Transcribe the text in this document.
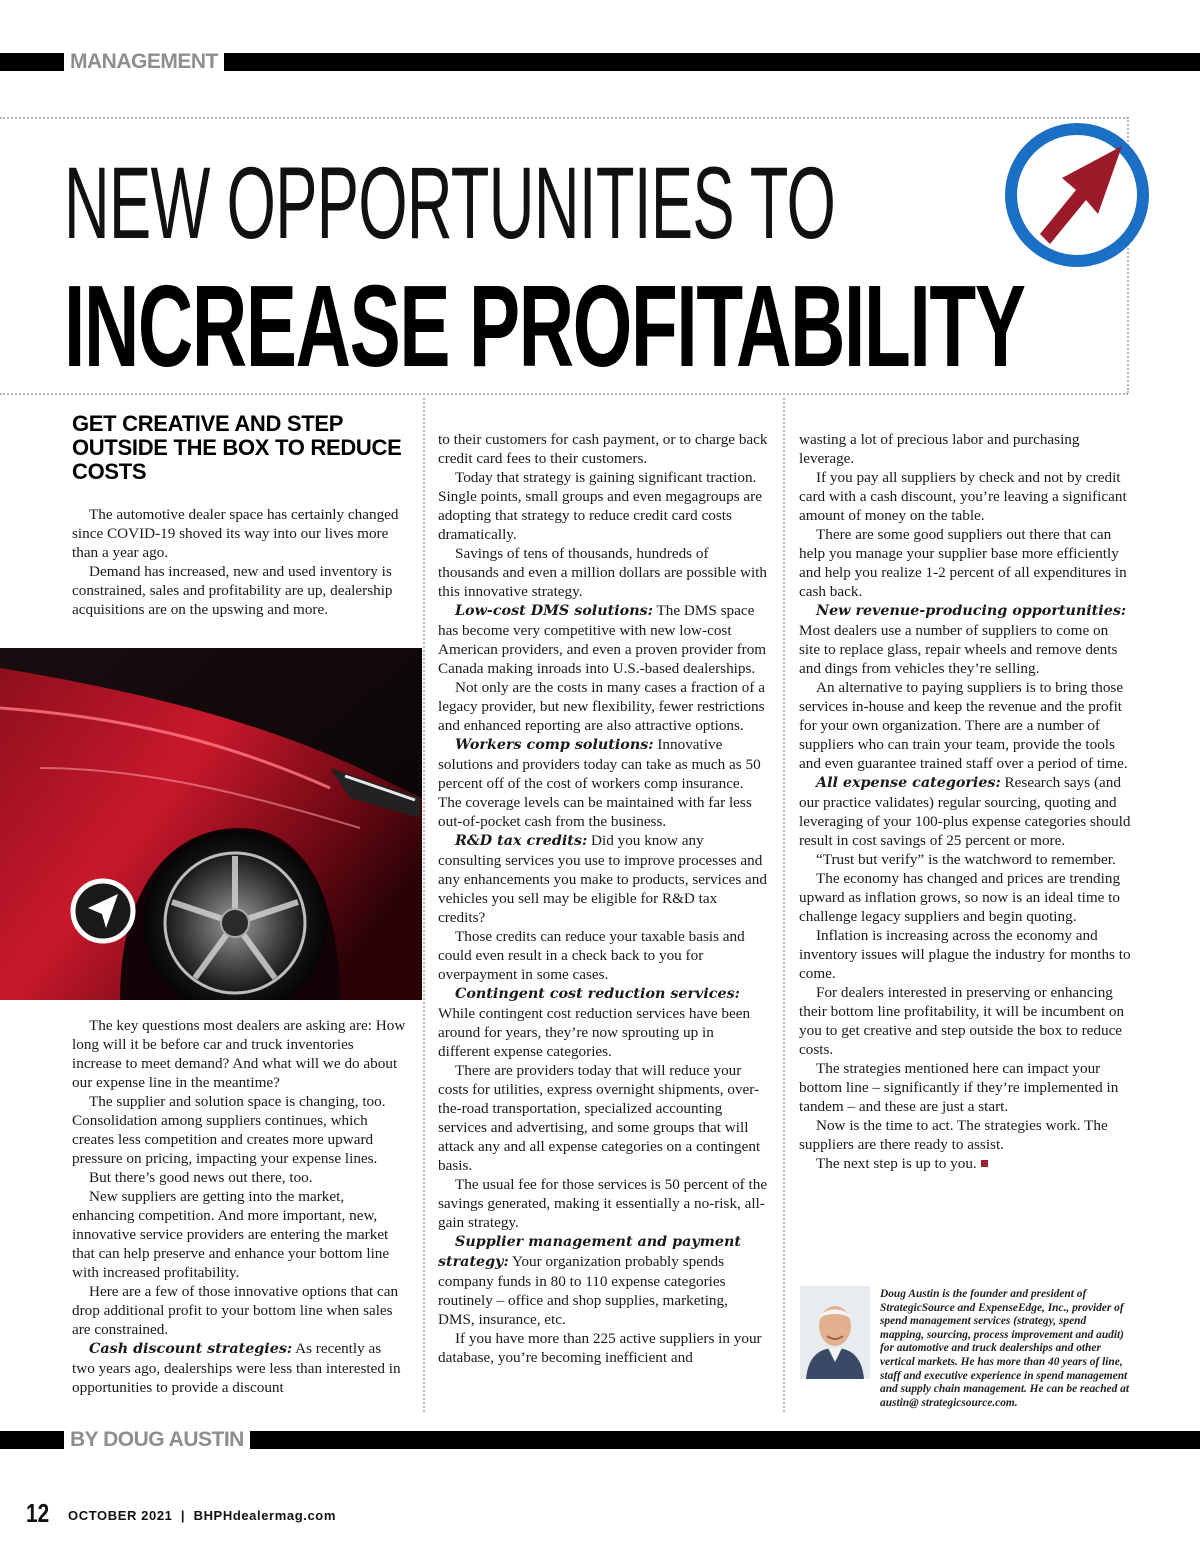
MANAGEMENT
NEW OPPORTUNITIES TO
INCREASE PROFITABILITY
GET CREATIVE AND STEP OUTSIDE THE BOX TO REDUCE COSTS

The automotive dealer space has certainly changed since COVID-19 shoved its way into our lives more than a year ago.

Demand has increased, new and used inventory is constrained, sales and profitability are up, dealership acquisitions are on the upswing and more.

The key questions most dealers are asking are: How long will it be before car and truck inventories increase to meet demand? And what will we do about our expense line in the meantime?

The supplier and solution space is changing, too. Consolidation among suppliers continues, which creates less competition and creates more upward pressure on pricing, impacting your expense lines.

But there’s good news out there, too.

New suppliers are getting into the market, enhancing competition. And more important, new, innovative service providers are entering the market that can help preserve and enhance your bottom line with increased profitability.

Here are a few of those innovative options that can drop additional profit to your bottom line when sales are constrained.

Cash discount strategies: As recently as two years ago, dealerships were less than interested in opportunities to provide a discount

to their customers for cash payment, or to charge back credit card fees to their customers.

Today that strategy is gaining significant traction. Single points, small groups and even megagroups are adopting that strategy to reduce credit card costs dramatically.

Savings of tens of thousands, hundreds of thousands and even a million dollars are possible with this innovative strategy.

Low-cost DMS solutions: The DMS space has become very competitive with new low-cost American providers, and even a proven provider from Canada making inroads into U.S.-based dealerships.

Not only are the costs in many cases a fraction of a legacy provider, but new flexibility, fewer restrictions and enhanced reporting are also attractive options.

Workers comp solutions: Innovative solutions and providers today can take as much as 50 percent off of the cost of workers comp insurance. The coverage levels can be maintained with far less out-of-pocket cash from the business.

R&D tax credits: Did you know any consulting services you use to improve processes and any enhancements you make to products, services and vehicles you sell may be eligible for R&D tax credits?

Those credits can reduce your taxable basis and could even result in a check back to you for overpayment in some cases.

Contingent cost reduction services: While contingent cost reduction services have been around for years, they’re now sprouting up in different expense categories.

There are providers today that will reduce your costs for utilities, express overnight shipments, over-the-road transportation, specialized accounting services and advertising, and some groups that will attack any and all expense categories on a contingent basis.

The usual fee for those services is 50 percent of the savings generated, making it essentially a no-risk, all-gain strategy.

Supplier management and payment strategy: Your organization probably spends company funds in 80 to 110 expense categories routinely – office and shop supplies, marketing, DMS, insurance, etc.

If you have more than 225 active suppliers in your database, you’re becoming inefficient and

wasting a lot of precious labor and purchasing leverage.

If you pay all suppliers by check and not by credit card with a cash discount, you’re leaving a significant amount of money on the table.

There are some good suppliers out there that can help you manage your supplier base more efficiently and help you realize 1-2 percent of all expenditures in cash back.

New revenue-producing opportunities:
Most dealers use a number of suppliers to come on site to replace glass, repair wheels and remove dents and dings from vehicles they’re selling.

An alternative to paying suppliers is to bring those services in-house and keep the revenue and the profit for your own organization. There are a number of suppliers who can train your team, provide the tools and even guarantee trained staff over a period of time.

All expense categories: Research says (and our practice validates) regular sourcing, quoting and leveraging of your 100-plus expense categories should result in cost savings of 25 percent or more.

“Trust but verify” is the watchword to remember.

The economy has changed and prices are trending upward as inflation grows, so now is an ideal time to challenge legacy suppliers and begin quoting.

Inflation is increasing across the economy and inventory issues will plague the industry for months to come.

For dealers interested in preserving or enhancing their bottom line profitability, it will be incumbent on you to get creative and step outside the box to reduce costs.

The strategies mentioned here can impact your bottom line – significantly if they’re implemented in tandem – and these are just a start.

Now is the time to act. The strategies work. The suppliers are there ready to assist.

The next step is up to you.

Doug Austin is the founder and president of StrategicSource and ExpenseEdge, Inc., provider of spend management services (strategy, spend mapping, sourcing, process improvement and audit) for automotive and truck dealerships and other vertical markets. He has more than 40 years of line, staff and executive experience in spend management and supply chain management. He can be reached at austin@ strategicsource.com.
BY DOUG AUSTIN
12 OCTOBER 2021  |  BHPHdealermag.com
